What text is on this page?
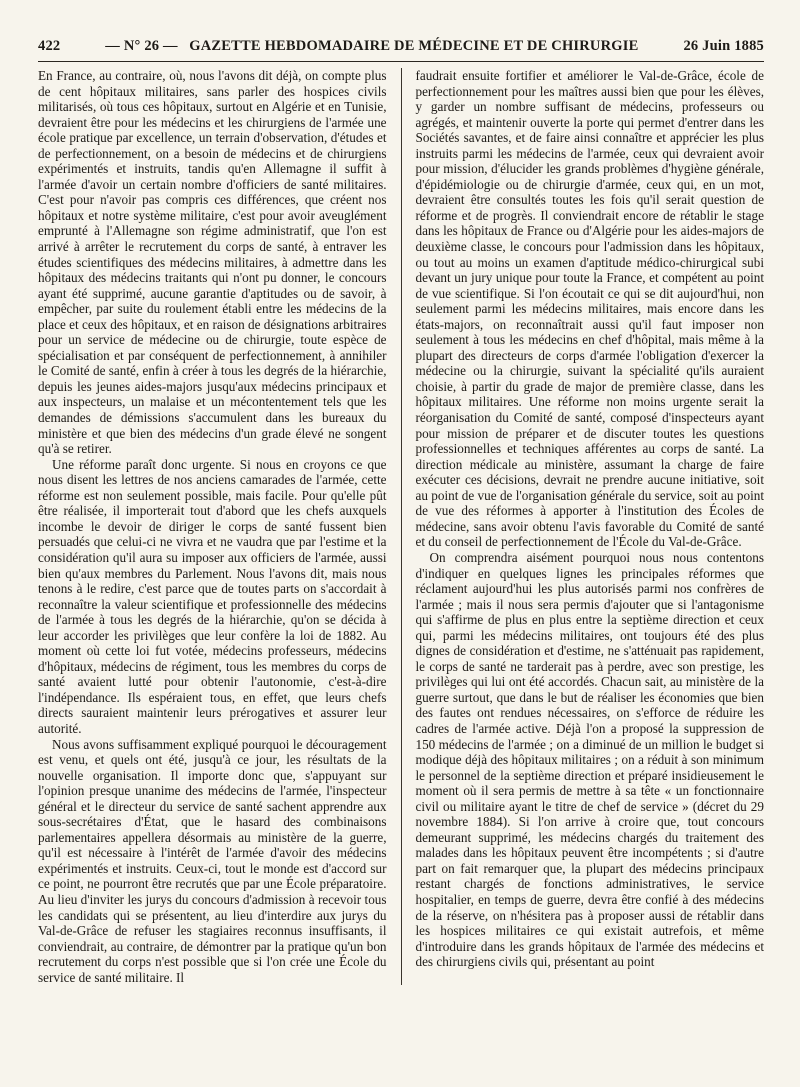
422	— N° 26 — GAZETTE HEBDOMADAIRE DE MÉDECINE ET DE CHIRURGIE	26 Juin 1885

En France, au contraire, où, nous l'avons dit déjà, on compte plus de cent hôpitaux militaires, sans parler des hospices civils militarisés, où tous ces hôpitaux, surtout en Algérie et en Tunisie, devraient être pour les médecins et les chirurgiens de l'armée une école pratique par excellence, un terrain d'observation, d'études et de perfectionnement, on a besoin de médecins et de chirurgiens expérimentés et instruits, tandis qu'en Allemagne il suffit à l'armée d'avoir un certain nombre d'officiers de santé militaires. C'est pour n'avoir pas compris ces différences, que créent nos hôpitaux et notre système militaire, c'est pour avoir aveuglément emprunté à l'Allemagne son régime administratif, que l'on est arrivé à arrêter le recrutement du corps de santé, à entraver les études scientifiques des médecins militaires, à admettre dans les hôpitaux des médecins traitants qui n'ont pu donner, le concours ayant été supprimé, aucune garantie d'aptitudes ou de savoir, à empêcher, par suite du roulement établi entre les médecins de la place et ceux des hôpitaux, et en raison de désignations arbitraires pour un service de médecine ou de chirurgie, toute espèce de spécialisation et par conséquent de perfectionnement, à annihiler le Comité de santé, enfin à créer à tous les degrés de la hiérarchie, depuis les jeunes aides-majors jusqu'aux médecins principaux et aux inspecteurs, un malaise et un mécontentement tels que les demandes de démissions s'accumulent dans les bureaux du ministère et que bien des médecins d'un grade élevé ne songent qu'à se retirer.

Une réforme paraît donc urgente. Si nous en croyons ce que nous disent les lettres de nos anciens camarades de l'armée, cette réforme est non seulement possible, mais facile. Pour qu'elle pût être réalisée, il importerait tout d'abord que les chefs auxquels incombe le devoir de diriger le corps de santé fussent bien persuadés que celui-ci ne vivra et ne vaudra que par l'estime et la considération qu'il aura su imposer aux officiers de l'armée, aussi bien qu'aux membres du Parlement. Nous l'avons dit, mais nous tenons à le redire, c'est parce que de toutes parts on s'accordait à reconnaître la valeur scientifique et professionnelle des médecins de l'armée à tous les degrés de la hiérarchie, qu'on se décida à leur accorder les privilèges que leur confère la loi de 1882. Au moment où cette loi fut votée, médecins professeurs, médecins d'hôpitaux, médecins de régiment, tous les membres du corps de santé avaient lutté pour obtenir l'autonomie, c'est-à-dire l'indépendance. Ils espéraient tous, en effet, que leurs chefs directs sauraient maintenir leurs prérogatives et assurer leur autorité.

Nous avons suffisamment expliqué pourquoi le découragement est venu, et quels ont été, jusqu'à ce jour, les résultats de la nouvelle organisation. Il importe donc que, s'appuyant sur l'opinion presque unanime des médecins de l'armée, l'inspecteur général et le directeur du service de santé sachent apprendre aux sous-secrétaires d'État, que le hasard des combinaisons parlementaires appellera désormais au ministère de la guerre, qu'il est nécessaire à l'intérêt de l'armée d'avoir des médecins expérimentés et instruits. Ceux-ci, tout le monde est d'accord sur ce point, ne pourront être recrutés que par une École préparatoire. Au lieu d'inviter les jurys du concours d'admission à recevoir tous les candidats qui se présentent, au lieu d'interdire aux jurys du Val-de-Grâce de refuser les stagiaires reconnus insuffisants, il conviendrait, au contraire, de démontrer par la pratique qu'un bon recrutement du corps n'est possible que si l'on crée une École du service de santé militaire. Il

faudrait ensuite fortifier et améliorer le Val-de-Grâce, école de perfectionnement pour les maîtres aussi bien que pour les élèves, y garder un nombre suffisant de médecins, professeurs ou agrégés, et maintenir ouverte la porte qui permet d'entrer dans les Sociétés savantes, et de faire ainsi connaître et apprécier les plus instruits parmi les médecins de l'armée, ceux qui devraient avoir pour mission, d'élucider les grands problèmes d'hygiène générale, d'épidémiologie ou de chirurgie d'armée, ceux qui, en un mot, devraient être consultés toutes les fois qu'il serait question de réforme et de progrès. Il conviendrait encore de rétablir le stage dans les hôpitaux de France ou d'Algérie pour les aides-majors de deuxième classe, le concours pour l'admission dans les hôpitaux, ou tout au moins un examen d'aptitude médico-chirurgical subi devant un jury unique pour toute la France, et compétent au point de vue scientifique. Si l'on écoutait ce qui se dit aujourd'hui, non seulement parmi les médecins militaires, mais encore dans les états-majors, on reconnaîtrait aussi qu'il faut imposer non seulement à tous les médecins en chef d'hôpital, mais même à la plupart des directeurs de corps d'armée l'obligation d'exercer la médecine ou la chirurgie, suivant la spécialité qu'ils auraient choisie, à partir du grade de major de première classe, dans les hôpitaux militaires. Une réforme non moins urgente serait la réorganisation du Comité de santé, composé d'inspecteurs ayant pour mission de préparer et de discuter toutes les questions professionnelles et techniques afférentes au corps de santé. La direction médicale au ministère, assumant la charge de faire exécuter ces décisions, devrait ne prendre aucune initiative, soit au point de vue de l'organisation générale du service, soit au point de vue des réformes à apporter à l'institution des Écoles de médecine, sans avoir obtenu l'avis favorable du Comité de santé et du conseil de perfectionnement de l'École du Val-de-Grâce.

On comprendra aisément pourquoi nous nous contentons d'indiquer en quelques lignes les principales réformes que réclament aujourd'hui les plus autorisés parmi nos confrères de l'armée ; mais il nous sera permis d'ajouter que si l'antagonisme qui s'affirme de plus en plus entre la septième direction et ceux qui, parmi les médecins militaires, ont toujours été des plus dignes de considération et d'estime, ne s'atténuait pas rapidement, le corps de santé ne tarderait pas à perdre, avec son prestige, les privilèges qui lui ont été accordés. Chacun sait, au ministère de la guerre surtout, que dans le but de réaliser les économies que bien des fautes ont rendues nécessaires, on s'efforce de réduire les cadres de l'armée active. Déjà l'on a proposé la suppression de 150 médecins de l'armée ; on a diminué de un million le budget si modique déjà des hôpitaux militaires ; on a réduit à son minimum le personnel de la septième direction et préparé insidieusement le moment où il sera permis de mettre à sa tête « un fonctionnaire civil ou militaire ayant le titre de chef de service » (décret du 29 novembre 1884). Si l'on arrive à croire que, tout concours demeurant supprimé, les médecins chargés du traitement des malades dans les hôpitaux peuvent être incompétents ; si d'autre part on fait remarquer que, la plupart des médecins principaux restant chargés de fonctions administratives, le service hospitalier, en temps de guerre, devra être confié à des médecins de la réserve, on n'hésitera pas à proposer aussi de rétablir dans les hospices militaires ce qui existait autrefois, et même d'introduire dans les grands hôpitaux de l'armée des médecins et des chirurgiens civils qui, présentant au point
